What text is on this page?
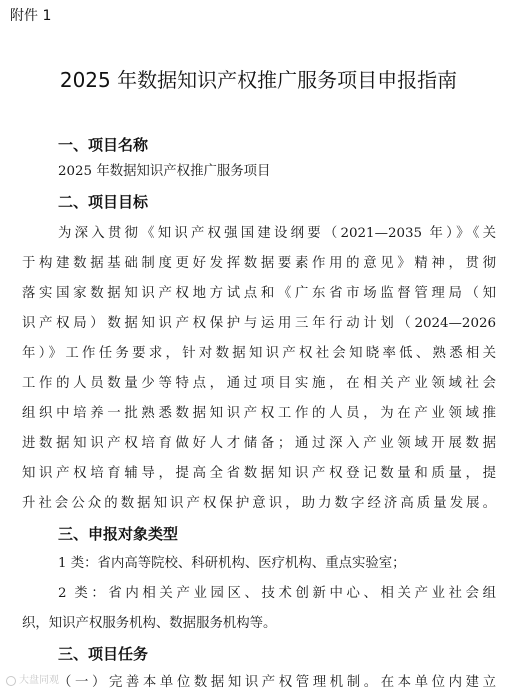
附件 1
2025 年数据知识产权推广服务项目申报指南
一、项目名称
2025 年数据知识产权推广服务项目
二、项目目标
为深入贯彻《知识产权强国建设纲要（2021—2035 年）》《关
于构建数据基础制度更好发挥数据要素作用的意见》精神，贯彻
落实国家数据知识产权地方试点和《广东省市场监督管理局（知
识产权局）数据知识产权保护与运用三年行动计划（2024—2026
年）》工作任务要求，针对数据知识产权社会知晓率低、熟悉相关
工作的人员数量少等特点，通过项目实施，在相关产业领域社会
组织中培养一批熟悉数据知识产权工作的人员，为在产业领域推
进数据知识产权培育做好人才储备；通过深入产业领域开展数据
知识产权培育辅导，提高全省数据知识产权登记数量和质量，提
升社会公众的数据知识产权保护意识，助力数字经济高质量发展。
三、申报对象类型
1 类：省内高等院校、科研机构、医疗机构、重点实验室；
2 类：省内相关产业园区、技术创新中心、相关产业社会组
织，知识产权服务机构、数据服务机构等。
三、项目任务
（一）完善本单位数据知识产权管理机制。在本单位内建立
大盘同观
